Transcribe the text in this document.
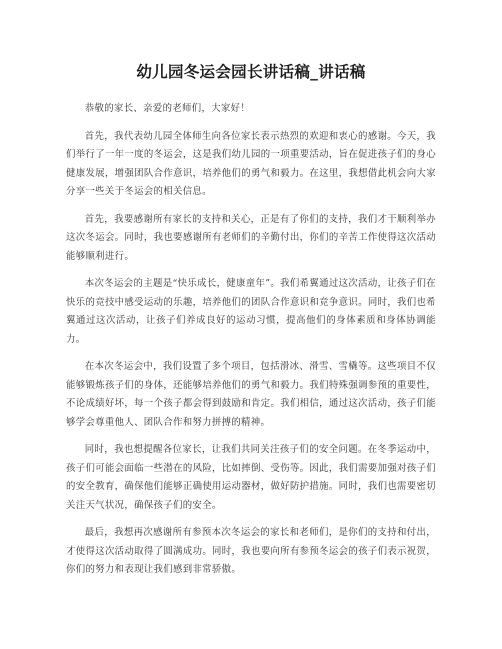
幼儿园冬运会园长讲话稿_讲话稿

恭敬的家长、亲爱的老师们，大家好！

首先，我代表幼儿园全体师生向各位家长表示热烈的欢迎和衷心的感谢。今天，我们举行了一年一度的冬运会，这是我们幼儿园的一项重要活动，旨在促进孩子们的身心健康发展，增强团队合作意识，培养他们的勇气和毅力。在这里，我想借此机会向大家分享一些关于冬运会的相关信息。

首先，我要感谢所有家长的支持和关心，正是有了你们的支持，我们才干顺利举办这次冬运会。同时，我也要感谢所有老师们的辛勤付出，你们的辛苦工作使得这次活动能够顺利进行。

本次冬运会的主题是“快乐成长，健康童年”。我们希翼通过这次活动，让孩子们在快乐的竞技中感受运动的乐趣，培养他们的团队合作意识和竞争意识。同时，我们也希翼通过这次活动，让孩子们养成良好的运动习惯，提高他们的身体素质和身体协调能力。

在本次冬运会中，我们设置了多个项目，包括滑冰、滑雪、雪橇等。这些项目不仅能够锻炼孩子们的身体，还能够培养他们的勇气和毅力。我们特殊强调参预的重要性，不论成绩好坏，每一个孩子都会得到鼓励和肯定。我们相信，通过这次活动，孩子们能够学会尊重他人、团队合作和努力拼搏的精神。

同时，我也想提醒各位家长，让我们共同关注孩子们的安全问题。在冬季运动中，孩子们可能会面临一些潜在的风险，比如摔倒、受伤等。因此，我们需要加强对孩子们的安全教育，确保他们能够正确使用运动器材，做好防护措施。同时，我们也需要密切关注天气状况，确保孩子们的安全。

最后，我想再次感谢所有参预本次冬运会的家长和老师们，是你们的支持和付出，才使得这次活动取得了圆满成功。同时，我也要向所有参预冬运会的孩子们表示祝贺，你们的努力和表现让我们感到非常骄傲。
